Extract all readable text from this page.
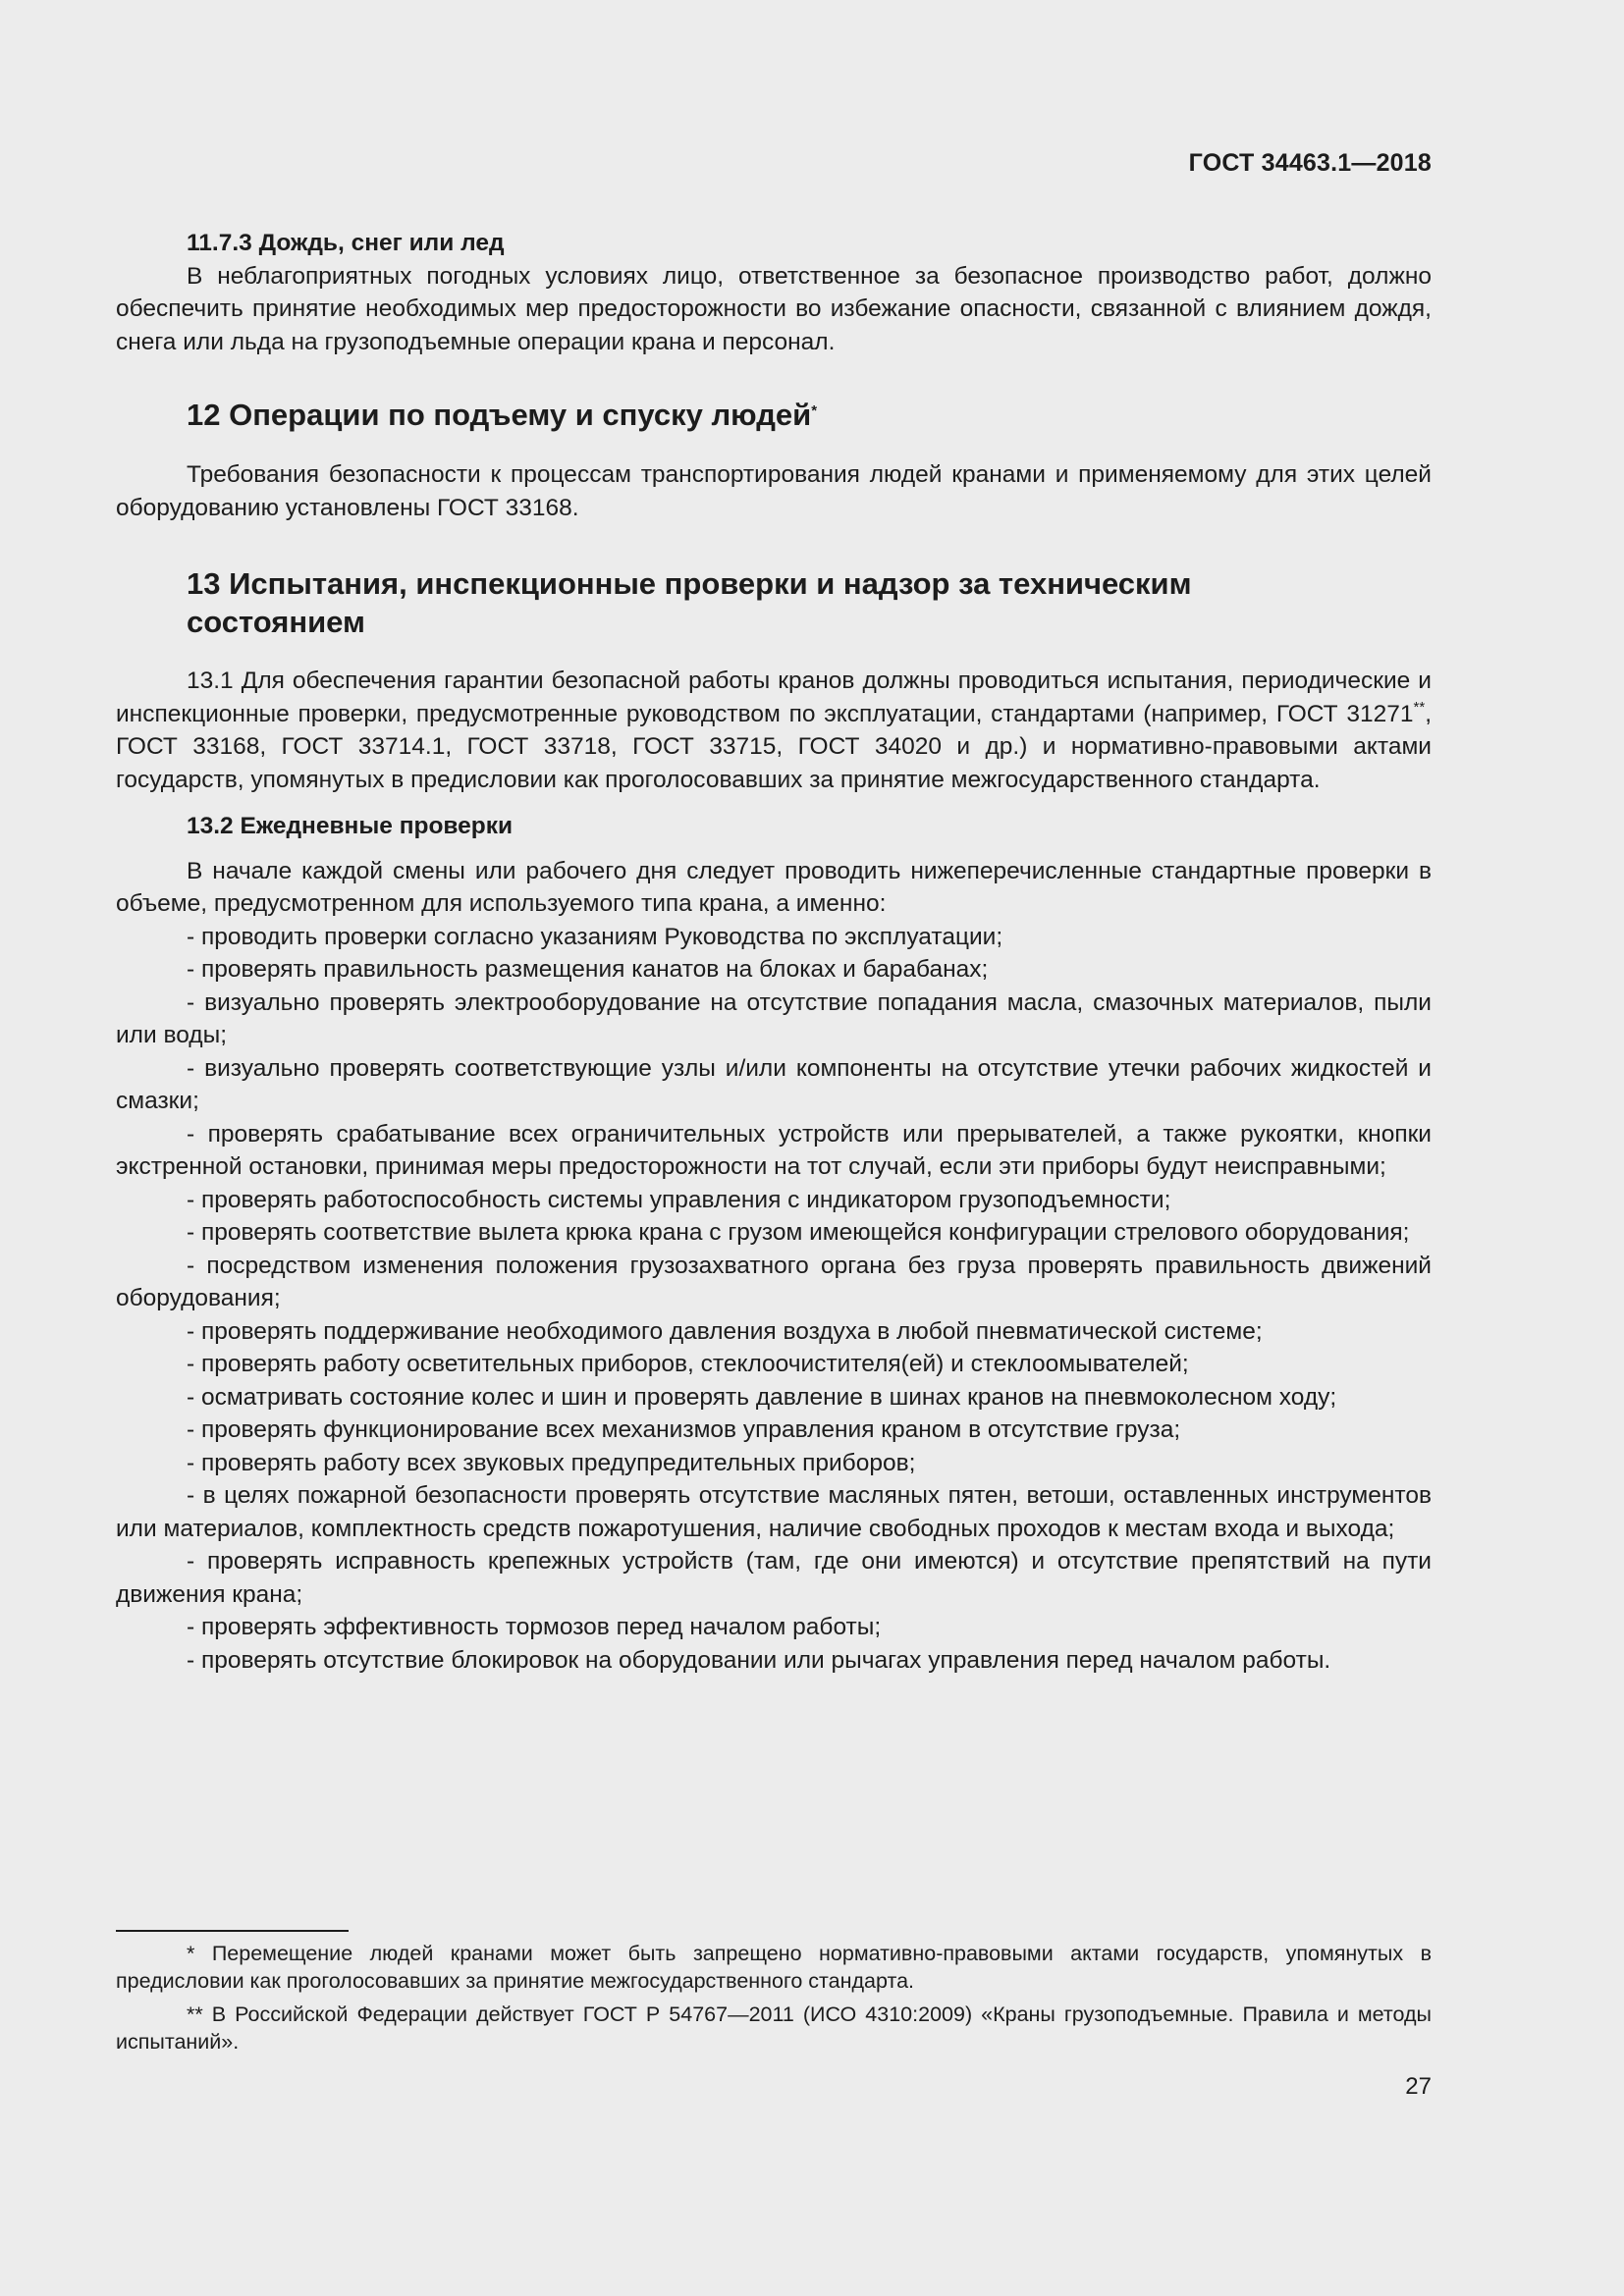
ГОСТ 34463.1—2018

11.7.3 Дождь, снег или лед

В неблагоприятных погодных условиях лицо, ответственное за безопасное производство работ, должно обеспечить принятие необходимых мер предосторожности во избежание опасности, связанной с влиянием дождя, снега или льда на грузоподъемные операции крана и персонал.

12 Операции по подъему и спуску людей*

Требования безопасности к процессам транспортирования людей кранами и применяемому для этих целей оборудованию установлены ГОСТ 33168.

13 Испытания, инспекционные проверки и надзор за техническим

состоянием

13.1 Для обеспечения гарантии безопасной работы кранов должны проводиться испытания, периодические и инспекционные проверки, предусмотренные руководством по эксплуатации, стандартами (например, ГОСТ 31271**, ГОСТ 33168, ГОСТ 33714.1, ГОСТ 33718, ГОСТ 33715, ГОСТ 34020 и др.) и нормативно-правовыми актами государств, упомянутых в предисловии как проголосовавших за принятие межгосударственного стандарта.

13.2 Ежедневные проверки

В начале каждой смены или рабочего дня следует проводить нижеперечисленные стандартные проверки в объеме, предусмотренном для используемого типа крана, а именно:

- проводить проверки согласно указаниям Руководства по эксплуатации;

- проверять правильность размещения канатов на блоках и барабанах;

- визуально проверять электрооборудование на отсутствие попадания масла, смазочных материалов, пыли или воды;

- визуально проверять соответствующие узлы и/или компоненты на отсутствие утечки рабочих жидкостей и смазки;

- проверять срабатывание всех ограничительных устройств или прерывателей, а также рукоятки, кнопки экстренной остановки, принимая меры предосторожности на тот случай, если эти приборы будут неисправными;

- проверять работоспособность системы управления с индикатором грузоподъемности;

- проверять соответствие вылета крюка крана с грузом имеющейся конфигурации стрелового оборудования;

- посредством изменения положения грузозахватного органа без груза проверять правильность движений оборудования;

- проверять поддерживание необходимого давления воздуха в любой пневматической системе;

- проверять работу осветительных приборов, стеклоочистителя(ей) и стеклоомывателей;

- осматривать состояние колес и шин и проверять давление в шинах кранов на пневмоколесном ходу;

- проверять функционирование всех механизмов управления краном в отсутствие груза;

- проверять работу всех звуковых предупредительных приборов;

- в целях пожарной безопасности проверять отсутствие масляных пятен, ветоши, оставленных инструментов или материалов, комплектность средств пожаротушения, наличие свободных проходов к местам входа и выхода;

- проверять исправность крепежных устройств (там, где они имеются) и отсутствие препятствий на пути движения крана;

- проверять эффективность тормозов перед началом работы;

- проверять отсутствие блокировок на оборудовании или рычагах управления перед началом работы.

* Перемещение людей кранами может быть запрещено нормативно-правовыми актами государств, упомянутых в предисловии как проголосовавших за принятие межгосударственного стандарта.

** В Российской Федерации действует ГОСТ Р 54767—2011 (ИСО 4310:2009) «Краны грузоподъемные. Правила и методы испытаний».

27
